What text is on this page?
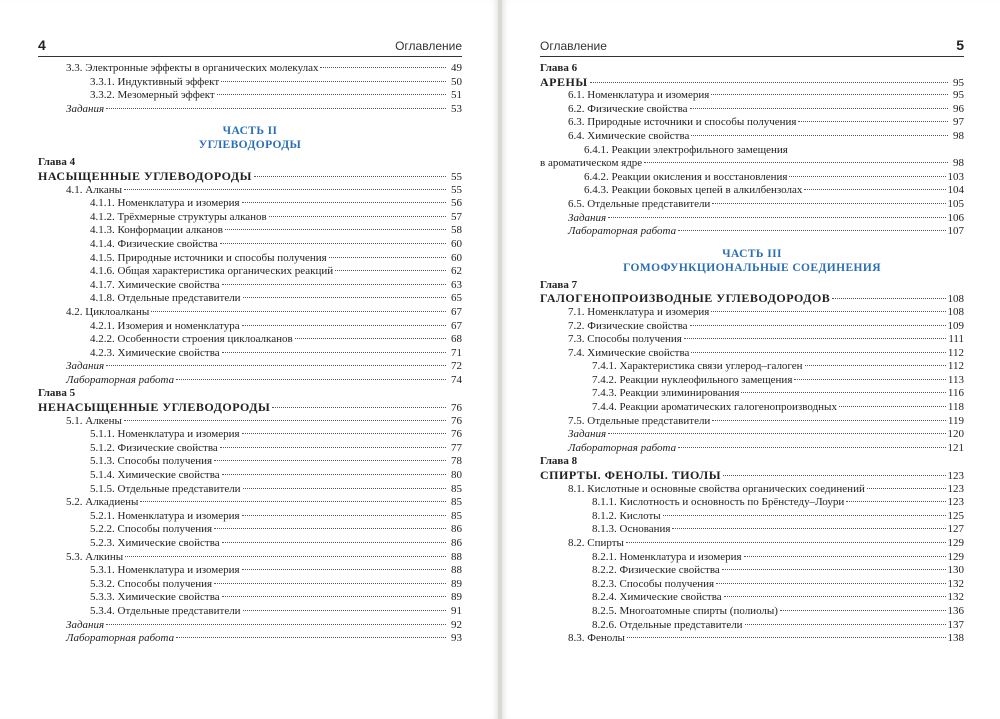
4	Оглавление
3.3. Электронные эффекты в органических молекулах	49
3.3.1. Индуктивный эффект	50
3.3.2. Мезомерный эффект	51
Задания	53
ЧАСТЬ II
УГЛЕВОДОРОДЫ
Глава 4
НАСЫЩЕННЫЕ УГЛЕВОДОРОДЫ	55
4.1. Алканы	55
4.1.1. Номенклатура и изомерия	56
4.1.2. Трёхмерные структуры алканов	57
4.1.3. Конформации алканов	58
4.1.4. Физические свойства	60
4.1.5. Природные источники и способы получения	60
4.1.6. Общая характеристика органических реакций	62
4.1.7. Химические свойства	63
4.1.8. Отдельные представители	65
4.2. Циклоалканы	67
4.2.1. Изомерия и номенклатура	67
4.2.2. Особенности строения циклоалканов	68
4.2.3. Химические свойства	71
Задания	72
Лабораторная работа	74
Глава 5
НЕНАСЫЩЕННЫЕ УГЛЕВОДОРОДЫ	76
5.1. Алкены	76
5.1.1. Номенклатура и изомерия	76
5.1.2. Физические свойства	77
5.1.3. Способы получения	78
5.1.4. Химические свойства	80
5.1.5. Отдельные представители	85
5.2. Алкадиены	85
5.2.1. Номенклатура и изомерия	85
5.2.2. Способы получения	86
5.2.3. Химические свойства	86
5.3. Алкины	88
5.3.1. Номенклатура и изомерия	88
5.3.2. Способы получения	89
5.3.3. Химические свойства	89
5.3.4. Отдельные представители	91
Задания	92
Лабораторная работа	93
Оглавление	5
Глава 6
АРЕНЫ	95
6.1. Номенклатура и изомерия	95
6.2. Физические свойства	96
6.3. Природные источники и способы получения	97
6.4. Химические свойства	98
6.4.1. Реакции электрофильного замещения
в ароматическом ядре	98
6.4.2. Реакции окисления и восстановления	103
6.4.3. Реакции боковых цепей в алкилбензолах	104
6.5. Отдельные представители	105
Задания	106
Лабораторная работа	107
ЧАСТЬ III
ГОМОФУНКЦИОНАЛЬНЫЕ СОЕДИНЕНИЯ
Глава 7
ГАЛОГЕНОПРОИЗВОДНЫЕ УГЛЕВОДОРОДОВ	108
7.1. Номенклатура и изомерия	108
7.2. Физические свойства	109
7.3. Способы получения	111
7.4. Химические свойства	112
7.4.1. Характеристика связи углерод–галоген	112
7.4.2. Реакции нуклеофильного замещения	113
7.4.3. Реакции элиминирования	116
7.4.4. Реакции ароматических галогенопроизводных	118
7.5. Отдельные представители	119
Задания	120
Лабораторная работа	121
Глава 8
СПИРТЫ. ФЕНОЛЫ. ТИОЛЫ	123
8.1. Кислотные и основные свойства органических соединений	123
8.1.1. Кислотность и основность по Брёнстеду–Лоури	123
8.1.2. Кислоты	125
8.1.3. Основания	127
8.2. Спирты	129
8.2.1. Номенклатура и изомерия	129
8.2.2. Физические свойства	130
8.2.3. Способы получения	132
8.2.4. Химические свойства	132
8.2.5. Многоатомные спирты (полиолы)	136
8.2.6. Отдельные представители	137
8.3. Фенолы	138
